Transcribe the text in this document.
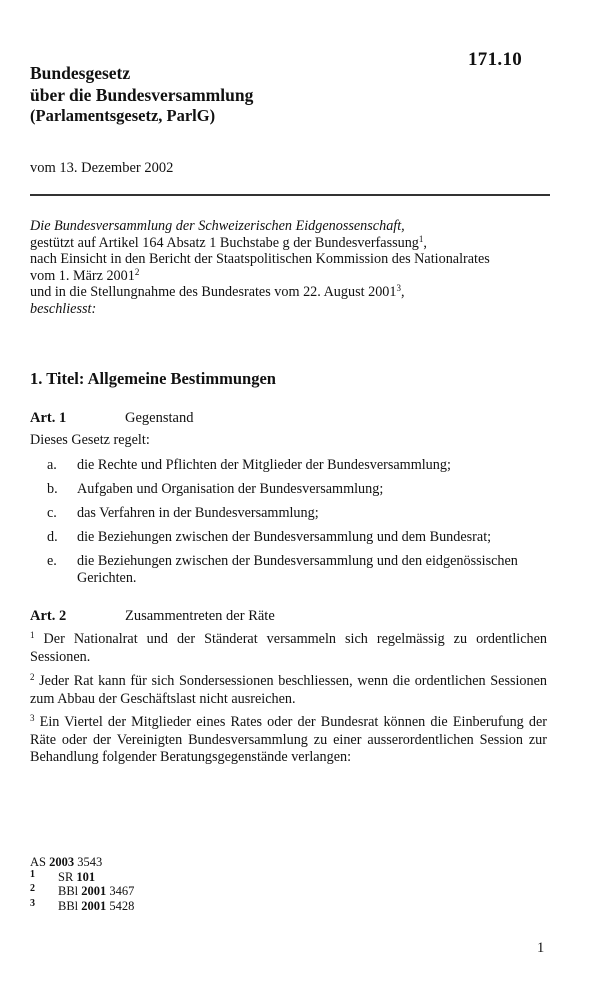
171.10
Bundesgesetz
über die Bundesversammlung
(Parlamentsgesetz, ParlG)
vom 13. Dezember 2002
Die Bundesversammlung der Schweizerischen Eidgenossenschaft,
gestützt auf Artikel 164 Absatz 1 Buchstabe g der Bundesverfassung$^1$,
nach Einsicht in den Bericht der Staatspolitischen Kommission des Nationalrates
vom 1. März 2001$^2$
und in die Stellungnahme des Bundesrates vom 22. August 2001$^3$,
beschliesst:
1. Titel: Allgemeine Bestimmungen
Art. 1	Gegenstand
Dieses Gesetz regelt:
a. die Rechte und Pflichten der Mitglieder der Bundesversammlung;
b. Aufgaben und Organisation der Bundesversammlung;
c. das Verfahren in der Bundesversammlung;
d. die Beziehungen zwischen der Bundesversammlung und dem Bundesrat;
e. die Beziehungen zwischen der Bundesversammlung und den eidgenössischen Gerichten.
Art. 2	Zusammentreten der Räte
$^1$ Der Nationalrat und der Ständerat versammeln sich regelmässig zu ordentlichen Sessionen.
$^2$ Jeder Rat kann für sich Sondersessionen beschliessen, wenn die ordentlichen Sessionen zum Abbau der Geschäftslast nicht ausreichen.
$^3$ Ein Viertel der Mitglieder eines Rates oder der Bundesrat können die Einberufung der Räte oder der Vereinigten Bundesversammlung zu einer ausserordentlichen Session zur Behandlung folgender Beratungsgegenstände verlangen:
AS 2003 3543
1 SR 101
2 BBl 2001 3467
3 BBl 2001 5428
1
